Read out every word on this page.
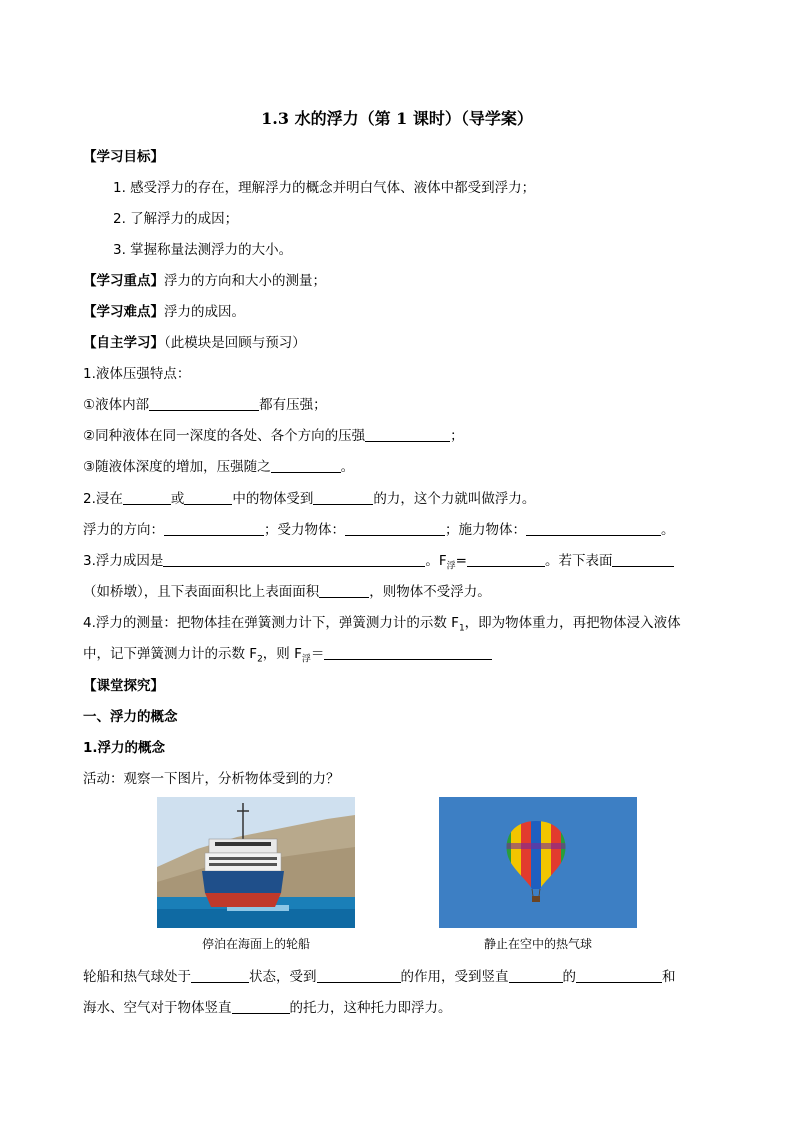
1.3 水的浮力（第 1 课时）（导学案）
【学习目标】
1. 感受浮力的存在，理解浮力的概念并明白气体、液体中都受到浮力；
2. 了解浮力的成因；
3. 掌握称量法测浮力的大小。
【学习重点】浮力的方向和大小的测量；
【学习难点】浮力的成因。
【自主学习】（此模块是回顾与预习）
1.液体压强特点：
①液体内部	都有压强；
②同种液体在同一深度的各处、各个方向的压强	；
③随液体深度的增加，压强随之	。
2.浸在	或	中的物体受到	的力，这个力就叫做浮力。
浮力的方向：	；受力物体：	；施力物体：	。
3.浮力成因是	。$F_浮=$	。若下表面
（如桥墩），且下表面面积比上表面面积	，则物体不受浮力。
4.浮力的测量：把物体挂在弹簧测力计下，弹簧测力计的示数 $F_1$，即为物体重力，再把物体浸入液体
中，记下弹簧测力计的示数 $F_2$，则 $F_浮=$
【课堂探究】
一、浮力的概念
1.浮力的概念
活动：观察一下图片，分析物体受到的力？
停泊在海面上的轮船	静止在空中的热气球
轮船和热气球处于	状态，受到	的作用，受到竖直	的	和
海水、空气对于物体竖直	的托力，这种托力即浮力。
